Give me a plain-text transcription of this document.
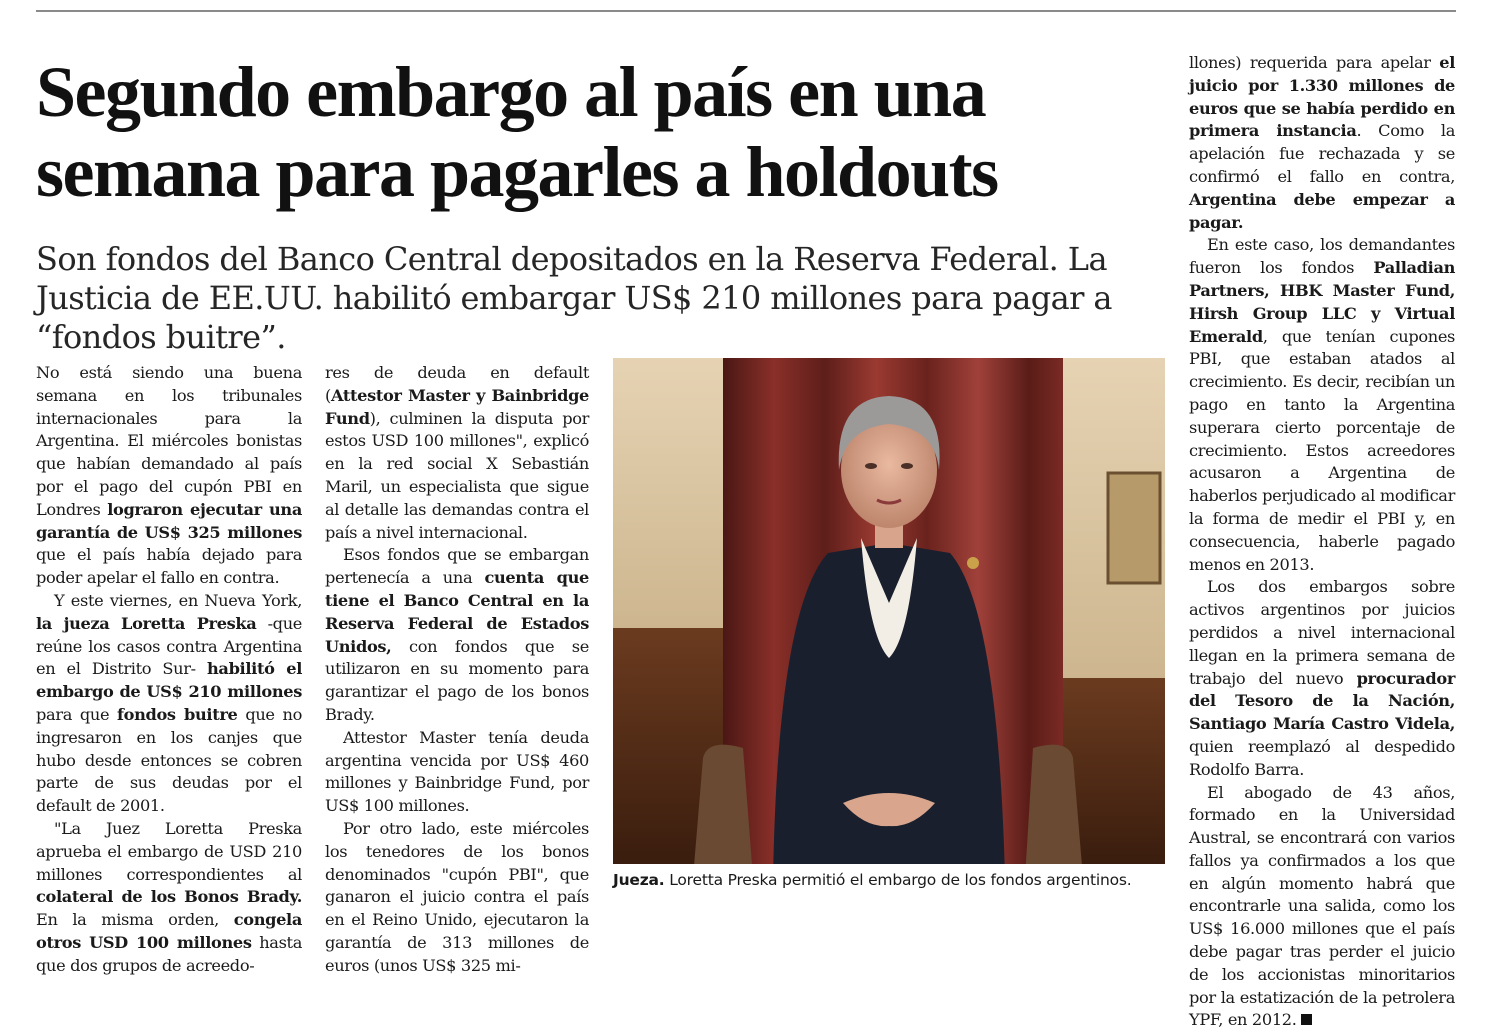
Segundo embargo al país en una semana para pagarles a holdouts

Son fondos del Banco Central depositados en la Reserva Federal. La Justicia de EE.UU. habilitó embargar US$ 210 millones para pagar a “fondos buitre”.

No está siendo una buena semana en los tribunales internacionales para la Argentina. El miércoles bonistas que habían demandado al país por el pago del cupón PBI en Londres lograron ejecutar una garantía de US$ 325 millones que el país había dejado para poder apelar el fallo en contra.

Y este viernes, en Nueva York, la jueza Loretta Preska -que reúne los casos contra Argentina en el Distrito Sur- habilitó el embargo de US$ 210 millones para que fondos buitre que no ingresaron en los canjes que hubo desde entonces se cobren parte de sus deudas por el default de 2001.

"La Juez Loretta Preska aprueba el embargo de USD 210 millones correspondientes al colateral de los Bonos Brady. En la misma orden, congela otros USD 100 millones hasta que dos grupos de acreedo-

res de deuda en default (Attestor Master y Bainbridge Fund), culminen la disputa por estos USD 100 millones", explicó en la red social X Sebastián Maril, un especialista que sigue al detalle las demandas contra el país a nivel internacional.

Esos fondos que se embargan pertenecía a una cuenta que tiene el Banco Central en la Reserva Federal de Estados Unidos, con fondos que se utilizaron en su momento para garantizar el pago de los bonos Brady.

Attestor Master tenía deuda argentina vencida por US$ 460 millones y Bainbridge Fund, por US$ 100 millones.

Por otro lado, este miércoles los tenedores de los bonos denominados "cupón PBI", que ganaron el juicio contra el país en el Reino Unido, ejecutaron la garantía de 313 millones de euros (unos US$ 325 mi-

llones) requerida para apelar el juicio por 1.330 millones de euros que se había perdido en primera instancia. Como la apelación fue rechazada y se confirmó el fallo en contra, Argentina debe empezar a pagar.

En este caso, los demandantes fueron los fondos Palladian Partners, HBK Master Fund, Hirsh Group LLC y Virtual Emerald, que tenían cupones PBI, que estaban atados al crecimiento. Es decir, recibían un pago en tanto la Argentina superara cierto porcentaje de crecimiento. Estos acreedores acusaron a Argentina de haberlos perjudicado al modificar la forma de medir el PBI y, en consecuencia, haberle pagado menos en 2013.

Los dos embargos sobre activos argentinos por juicios perdidos a nivel internacional llegan en la primera semana de trabajo del nuevo procurador del Tesoro de la Nación, Santiago María Castro Videla, quien reemplazó al despedido Rodolfo Barra.

El abogado de 43 años, formado en la Universidad Austral, se encontrará con varios fallos ya confirmados a los que en algún momento habrá que encontrarle una salida, como los US$ 16.000 millones que el país debe pagar tras perder el juicio de los accionistas minoritarios por la estatización de la petrolera YPF, en 2012.

Jueza. Loretta Preska permitió el embargo de los fondos argentinos.
